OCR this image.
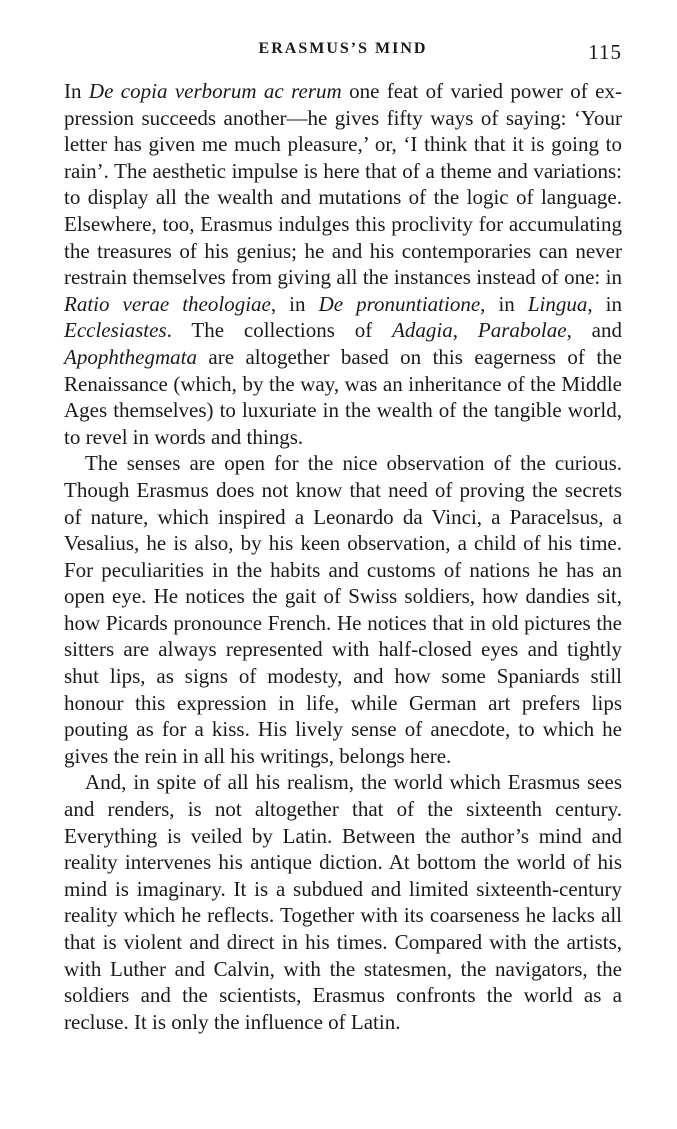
ERASMUS’S MIND	115

In De copia verborum ac rerum one feat of varied power of expression succeeds another—he gives fifty ways of saying: ‘Your letter has given me much pleasure,’ or, ‘I think that it is going to rain’. The aesthetic impulse is here that of a theme and variations: to display all the wealth and mutations of the logic of language. Elsewhere, too, Erasmus indulges this proclivity for accumulating the treasures of his genius; he and his contemporaries can never restrain themselves from giving all the instances instead of one: in Ratio verae theologiae, in De pronuntiatione, in Lingua, in Ecclesiastes. The collections of Adagia, Parabolae, and Apophthegmata are altogether based on this eagerness of the Renaissance (which, by the way, was an inheritance of the Middle Ages themselves) to luxuriate in the wealth of the tangible world, to revel in words and things.

The senses are open for the nice observation of the curious. Though Erasmus does not know that need of proving the secrets of nature, which inspired a Leonardo da Vinci, a Paracelsus, a Vesalius, he is also, by his keen observation, a child of his time. For peculiarities in the habits and customs of nations he has an open eye. He notices the gait of Swiss soldiers, how dandies sit, how Picards pronounce French. He notices that in old pictures the sitters are always represented with half-closed eyes and tightly shut lips, as signs of modesty, and how some Spaniards still honour this expression in life, while German art prefers lips pouting as for a kiss. His lively sense of anecdote, to which he gives the rein in all his writings, belongs here.

And, in spite of all his realism, the world which Erasmus sees and renders, is not altogether that of the sixteenth century. Everything is veiled by Latin. Between the author’s mind and reality intervenes his antique diction. At bottom the world of his mind is imaginary. It is a subdued and limited sixteenth-century reality which he reflects. Together with its coarseness he lacks all that is violent and direct in his times. Compared with the artists, with Luther and Calvin, with the statesmen, the navigators, the soldiers and the scientists, Erasmus confronts the world as a recluse. It is only the influence of Latin.
